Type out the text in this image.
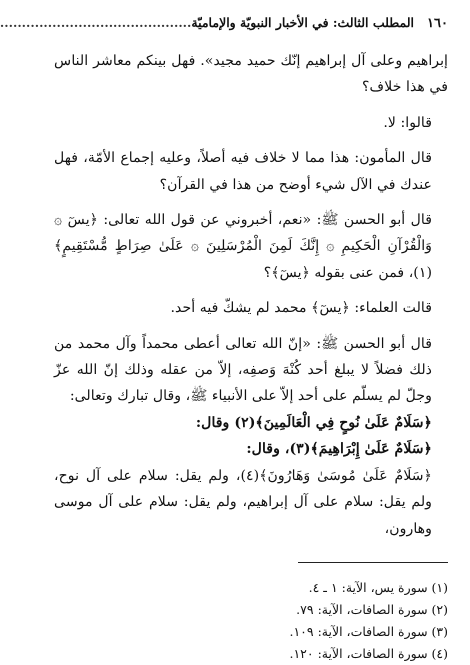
١٦٠
المطلب الثالث: في الأخبار النبويّة والإماميّة............................................

إبراهيم وعلى آل إبراهيم إنّك حميد مجيد». فهل بينكم معاشر الناس في هذا خلاف؟

قالوا: لا.

قال المأمون: هذا مما لا خلاف فيه أصلاً، وعليه إجماع الأمّة، فهل عندك في الآل شيء أوضح من هذا في القرآن؟

قال أبو الحسن ﷺ: «نعم، أخبروني عن قول الله تعالى: ﴿يسٓ ۞ وَالْقُرْآنِ الْحَكِيمِ ۞ إِنَّكَ لَمِنَ الْمُرْسَلِينَ ۞ عَلَىٰ صِرَاطٍ مُّسْتَقِيمٍ﴾(١)، فمن عنى بقوله ﴿يسٓ﴾؟

قالت العلماء: ﴿يسٓ﴾ محمد لم يشكّ فيه أحد.

قال أبو الحسن ﷺ: «إنّ الله تعالى أعطى محمداً وآل محمد من ذلك فضلاً لا يبلغ أحد كُنْهَ وَصفِه، إلاّ من عقله وذلك إنّ الله عزّ وجلّ لم يسلّم على أحد إلاّ على الأنبياء ﷺ، وقال تبارك وتعالى:

﴿سَلَامٌ عَلَىٰ نُوحٍ فِي الْعَالَمِينَ﴾(٢) وقال:

﴿سَلَامٌ عَلَىٰ إِبْرَاهِيمَ﴾(٣)، وقال:

﴿سَلَامٌ عَلَىٰ مُوسَىٰ وَهَارُونَ﴾(٤)، ولم يقل: سلام على آل نوح، ولم يقل: سلام على آل إبراهيم، ولم يقل: سلام على آل موسى وهارون،

(١) سورة يس، الآية: ١ ـ ٤.
(٢) سورة الصافات، الآية: ٧٩.
(٣) سورة الصافات، الآية: ١٠٩.
(٤) سورة الصافات، الآية: ١٢٠.
